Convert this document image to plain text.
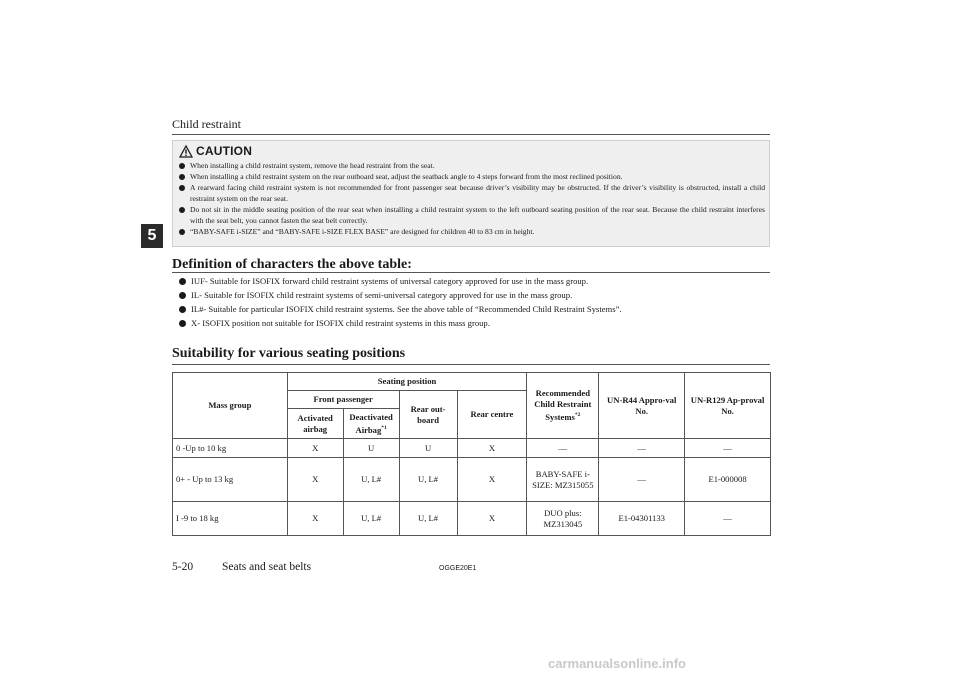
Child restraint
5
CAUTION
When installing a child restraint system, remove the head restraint from the seat.
When installing a child restraint system on the rear outboard seat, adjust the seatback angle to 4 steps forward from the most reclined position.
A rearward facing child restraint system is not recommended for front passenger seat because driver’s visibility may be obstructed. If the driver’s visibility is obstructed, install a child restraint system on the rear seat.
Do not sit in the middle seating position of the rear seat when installing a child restraint system to the left outboard seating position of the rear seat. Because the child restraint interferes with the seat belt, you cannot fasten the seat belt correctly.
“BABY-SAFE i-SIZE” and “BABY-SAFE i-SIZE FLEX BASE” are designed for children 40 to 83 cm in height.
Definition of characters the above table:
IUF- Suitable for ISOFIX forward child restraint systems of universal category approved for use in the mass group.
IL- Suitable for ISOFIX child restraint systems of semi-universal category approved for use in the mass group.
IL#- Suitable for particular ISOFIX child restraint systems. See the above table of “Recommended Child Restraint Systems”.
X- ISOFIX position not suitable for ISOFIX child restraint systems in this mass group.
Suitability for various seating positions
Mass group	Seating position				Recommended Child Restraint Systems$^{*2}$	UN-R44 Appro-val No.	UN-R129 Ap-proval No.
	Front passenger		Rear out-board	Rear centre			
	Activated airbag	Deactivated Airbag$^{*1}$
0 -Up to 10 kg	X	U	U	X	—	—	—
0+ - Up to 13 kg	X	U, L#	U, L#	X	BABY-SAFE i-SIZE: MZ315055	—	E1-000008
I -9 to 18 kg	X	U, L#	U, L#	X	DUO plus: MZ313045	E1-04301133	—
5-20	Seats and seat belts	OGGE20E1
carmanualsonline.info
